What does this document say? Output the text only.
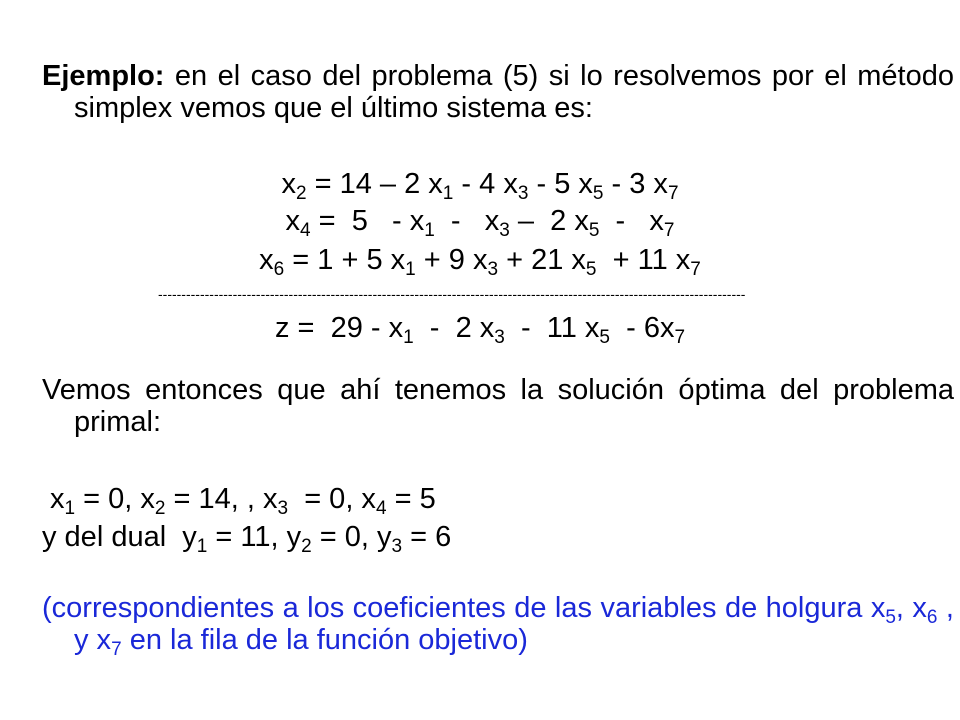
Ejemplo: en el caso del problema (5) si lo resolvemos por el método simplex vemos que el último sistema es:

$x_2 = 14 - 2$ $x_1 - 4$ $x_3 - 5$ $x_5 - 3$ $x_7$
$x_4 = 5 - x_1 - x_3 - 2$ $x_5 - x_7$
$x_6 = 1 + 5$ $x_1 + 9$ $x_3 + 21$ $x_5 + 11$ $x_7$
------------------------------------------------------------------------------------------------------------------------------
$z = 29 - x_1 - 2$ $x_3 - 11$ $x_5 - 6x_7$

Vemos entonces que ahí tenemos la solución óptima del problema primal:

$x_1 = 0$, $x_2 = 14$, , $x_3 = 0$, $x_4 = 5$
y del dual  $y_1 = 11$, $y_2 = 0$, $y_3 = 6$

(correspondientes a los coeficientes de las variables de holgura $x_5$, $x_6$ , y $x_7$ en la fila de la función objetivo)
